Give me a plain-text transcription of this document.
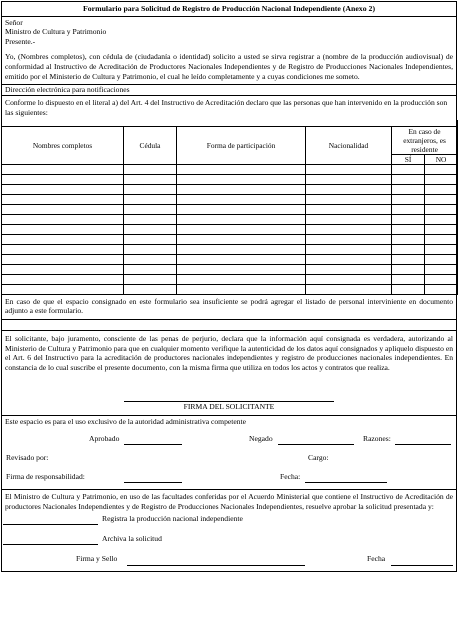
Formulario para Solicitud de Registro de Producción Nacional Independiente (Anexo 2)
Señor
Ministro de Cultura y Patrimonio
Presente.-
Yo, (Nombres completos), con cédula de (ciudadanía o identidad) solicito a usted se sirva registrar a (nombre de la producción audiovisual) de conformidad al Instructivo de Acreditación de Productores Nacionales Independientes y de Registro de Producciones Nacionales Independientes, emitido por el Ministerio de Cultura y Patrimonio, el cual he leído completamente y a cuyas condiciones me someto.
Dirección electrónica para notificaciones
Conforme lo dispuesto en el literal a) del Art. 4 del Instructivo de Acreditación declaro que las personas que han intervenido en la producción son las siguientes:

Nombres completos	Cédula	Forma de participación	Nacionalidad	En caso de extranjeros, es residente	
				SÍ	NO

En caso de que el espacio consignado en este formulario sea insuficiente se podrá agregar el listado de personal interviniente en documento adjunto a este formulario.
El solicitante, bajo juramento, consciente de las penas de perjurio, declara que la información aquí consignada es verdadera, autorizando al Ministerio de Cultura y Patrimonio para que en cualquier momento verifique la autenticidad de los datos aquí consignados y apliquelo dispuesto en el Art. 6 del Instructivo para la acreditación de productores nacionales independientes y registro de producciones nacionales independientes. En constancia de lo cual suscribe el presente documento, con la misma firma que utiliza en todos los actos y contratos que realiza.
FIRMA DEL SOLICITANTE
Este espacio es para el uso exclusivo de la autoridad administrativa competente
Aprobado	Negado	Razones:
Revisado por:	Cargo:
Firma de responsabilidad:	Fecha:
El Ministro de Cultura y Patrimonio, en uso de las facultades conferidas por el Acuerdo Ministerial que contiene el Instructivo de Acreditación de productores Nacionales Independientes y de Registro de Producciones Nacionales Independientes, resuelve aprobar la solicitud presentada y:
Registra la producción nacional independiente
Archiva la solicitud
Firma y Sello	Fecha
